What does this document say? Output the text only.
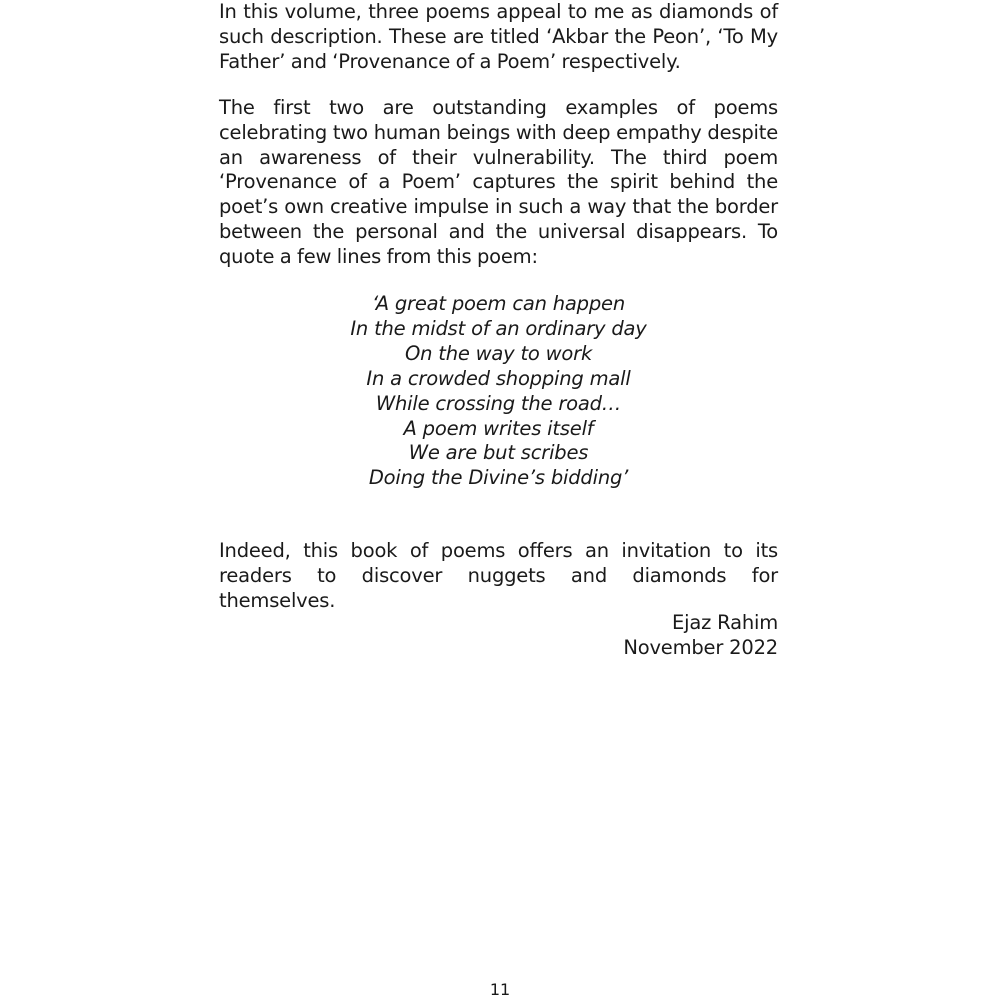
In this volume, three poems appeal to me as diamonds of such description. These are titled ‘Akbar the Peon’, ‘To My Father’ and ‘Provenance of a Poem’ respectively.

The first two are outstanding examples of poems celebrating two human beings with deep empathy despite an awareness of their vulnerability. The third poem ‘Provenance of a Poem’ captures the spirit behind the poet’s own creative impulse in such a way that the border between the personal and the universal disappears. To quote a few lines from this poem:

‘A great poem can happen
In the midst of an ordinary day
On the way to work
In a crowded shopping mall
While crossing the road…
A poem writes itself
We are but scribes
Doing the Divine’s bidding’

Indeed, this book of poems offers an invitation to its readers to discover nuggets and diamonds for themselves.

Ejaz Rahim
November 2022
11
